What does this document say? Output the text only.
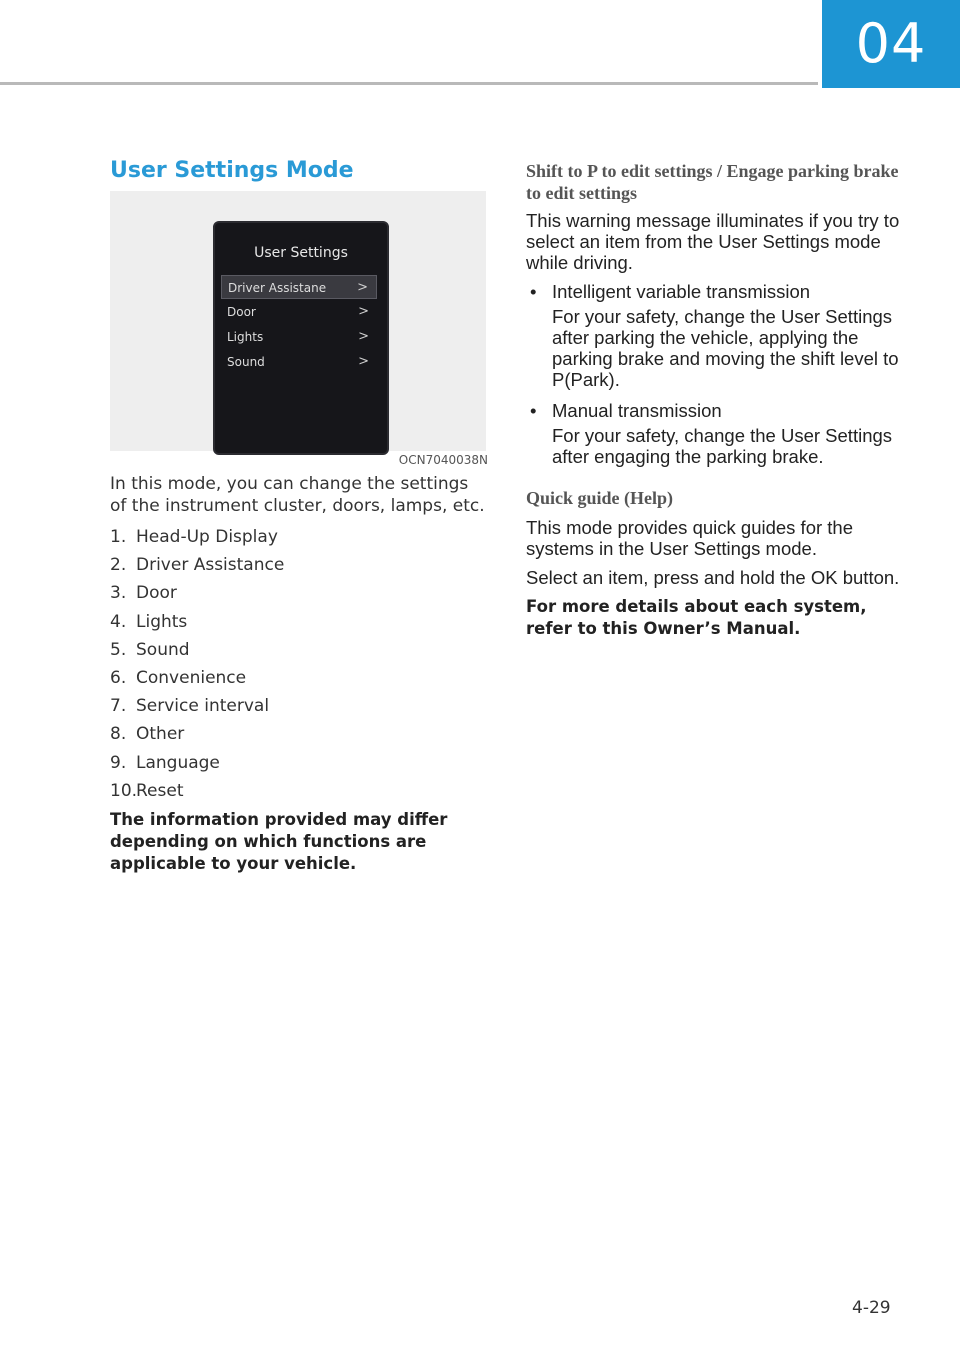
04
User Settings Mode
User Settings
Driver Assistane >
Door	>
Lights	>
Sound	>
OCN7040038N

In this mode, you can change the settings of the instrument cluster, doors, lamps, etc.

1. Head-Up Display
2. Driver Assistance
3. Door
4. Lights
5. Sound
6. Convenience
7. Service interval
8. Other
9. Language
10.
Reset

The information provided may differ depending on which functions are applicable to your vehicle.

Shift to P to edit settings / Engage parking brake to edit settings

This warning message illuminates if you try to select an item from the User Settings mode while driving.

• Intelligent variable transmission

For your safety, change the User Settings after parking the vehicle, applying the parking brake and moving the shift level to P(Park).

• Manual transmission

For your safety, change the User Settings after engaging the parking brake.

Quick guide (Help)

This mode provides quick guides for the systems in the User Settings mode.

Select an item, press and hold the OK button.

For more details about each system, refer to this Owner’s Manual.

4-29
